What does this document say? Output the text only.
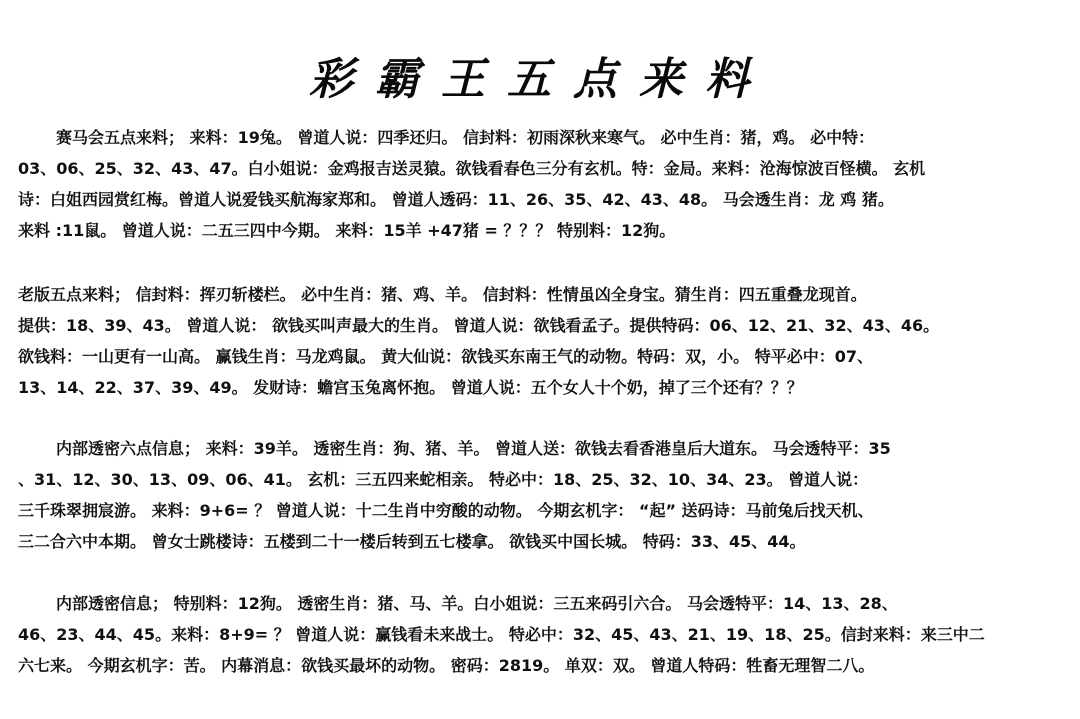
彩霸王五点来料
赛马会五点来料； 来料：19兔。 曾道人说：四季还归。 信封料：初雨深秋来寒气。 必中生肖：猪，鸡。 必中特：
03、06、25、32、43、47。白小姐说：金鸡报吉送灵猿。欲钱看春色三分有玄机。特：金局。来料：沧海惊波百怪横。 玄机
诗：白姐西园赏红梅。曾道人说爱钱买航海家郑和。 曾道人透码：11、26、35、42、43、48。 马会透生肖：龙 鸡 猪。
来料 :11鼠。 曾道人说：二五三四中今期。 来料：15羊 +47猪 = ？？？ 特别料：12狗。
老版五点来料； 信封料：挥刃斩楼栏。 必中生肖：猪、鸡、羊。 信封料：性情虽凶全身宝。猜生肖：四五重叠龙现首。
提供：18、39、43。 曾道人说： 欲钱买叫声最大的生肖。 曾道人说：欲钱看孟子。提供特码：06、12、21、32、43、46。
欲钱料：一山更有一山高。 赢钱生肖：马龙鸡鼠。 黄大仙说：欲钱买东南王气的动物。特码：双，小。 特平必中：07、
13、14、22、37、39、49。 发财诗：蟾宫玉兔离怀抱。 曾道人说：五个女人十个奶，掉了三个还有？？？
内部透密六点信息； 来料：39羊。 透密生肖：狗、猪、羊。 曾道人送：欲钱去看香港皇后大道东。 马会透特平：35
、31、12、30、13、09、06、41。 玄机：三五四来蛇相亲。 特必中：18、25、32、10、34、23。 曾道人说：
三千珠翠拥宸游。 来料：9+6= ？ 曾道人说：十二生肖中穷酸的动物。 今期玄机字： “起” 送码诗：马前兔后找天机、
三二合六中本期。 曾女士跳楼诗：五楼到二十一楼后转到五七楼拿。 欲钱买中国长城。 特码：33、45、44。
内部透密信息； 特别料：12狗。 透密生肖：猪、马、羊。白小姐说：三五来码引六合。 马会透特平：14、13、28、
46、23、44、45。来料：8+9= ？ 曾道人说：赢钱看未来战士。 特必中：32、45、43、21、19、18、25。信封来料：来三中二
六七来。 今期玄机字：苦。 内幕消息：欲钱买最坏的动物。 密码：2819。 单双：双。 曾道人特码：牲畜无理智二八。
